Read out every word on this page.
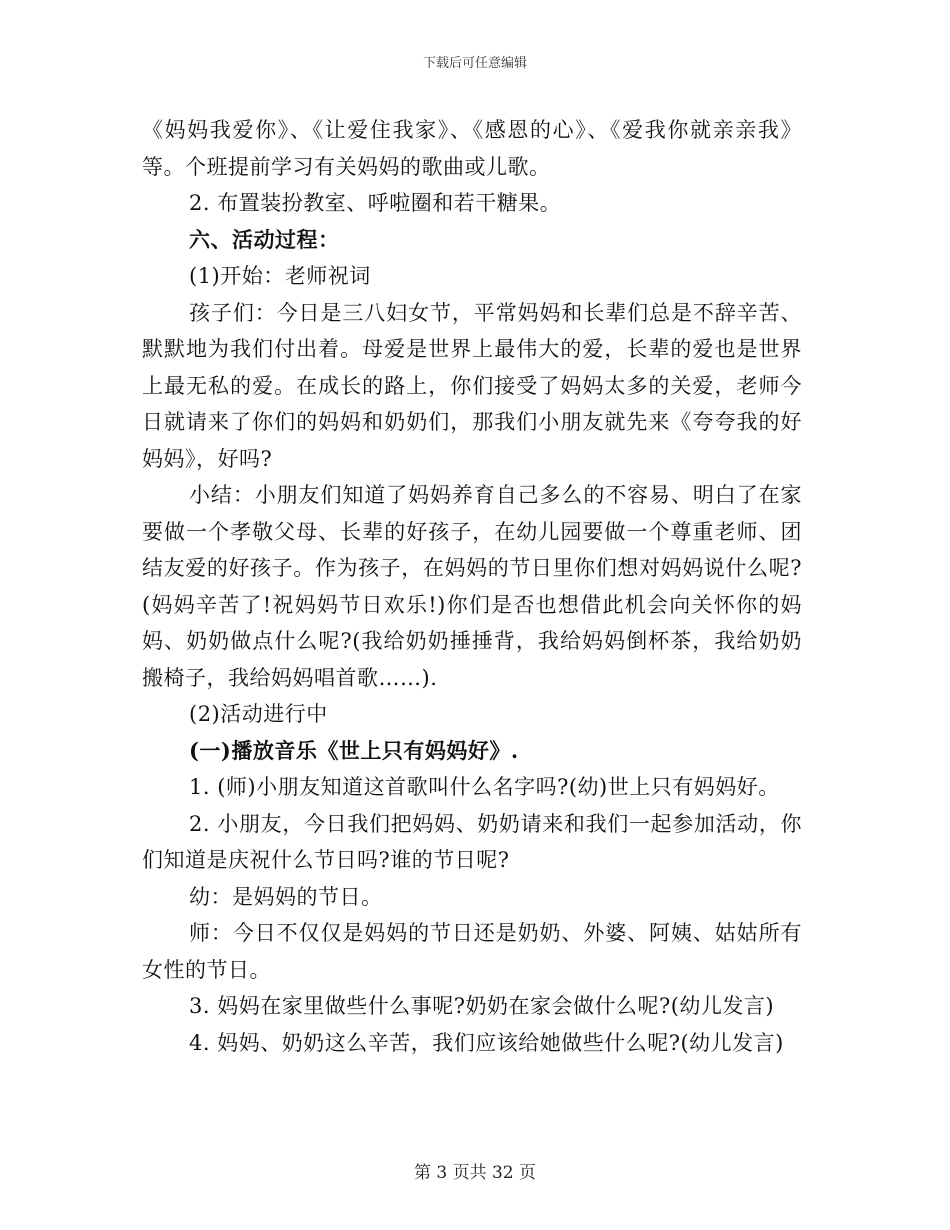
下载后可任意编辑

《妈妈我爱你》、《让爱住我家》、《感恩的心》、《爱我你就亲亲我》等。个班提前学习有关妈妈的歌曲或儿歌。

2. 布置装扮教室、呼啦圈和若干糖果。

六、活动过程：

(1)开始：老师祝词

孩子们：今日是三八妇女节，平常妈妈和长辈们总是不辞辛苦、默默地为我们付出着。母爱是世界上最伟大的爱，长辈的爱也是世界上最无私的爱。在成长的路上，你们接受了妈妈太多的关爱，老师今日就请来了你们的妈妈和奶奶们，那我们小朋友就先来《夸夸我的好妈妈》，好吗?

小结：小朋友们知道了妈妈养育自己多么的不容易、明白了在家要做一个孝敬父母、长辈的好孩子，在幼儿园要做一个尊重老师、团结友爱的好孩子。作为孩子，在妈妈的节日里你们想对妈妈说什么呢?(妈妈辛苦了!祝妈妈节日欢乐!)你们是否也想借此机会向关怀你的妈妈、奶奶做点什么呢?(我给奶奶捶捶背，我给妈妈倒杯茶，我给奶奶搬椅子，我给妈妈唱首歌……).

(2)活动进行中

(一)播放音乐《世上只有妈妈好》.

1. (师)小朋友知道这首歌叫什么名字吗?(幼)世上只有妈妈好。

2. 小朋友，今日我们把妈妈、奶奶请来和我们一起参加活动，你们知道是庆祝什么节日吗?谁的节日呢?

幼：是妈妈的节日。

师：今日不仅仅是妈妈的节日还是奶奶、外婆、阿姨、姑姑所有女性的节日。

3. 妈妈在家里做些什么事呢?奶奶在家会做什么呢?(幼儿发言)

4. 妈妈、奶奶这么辛苦，我们应该给她做些什么呢?(幼儿发言)

第 3 页共 32 页
